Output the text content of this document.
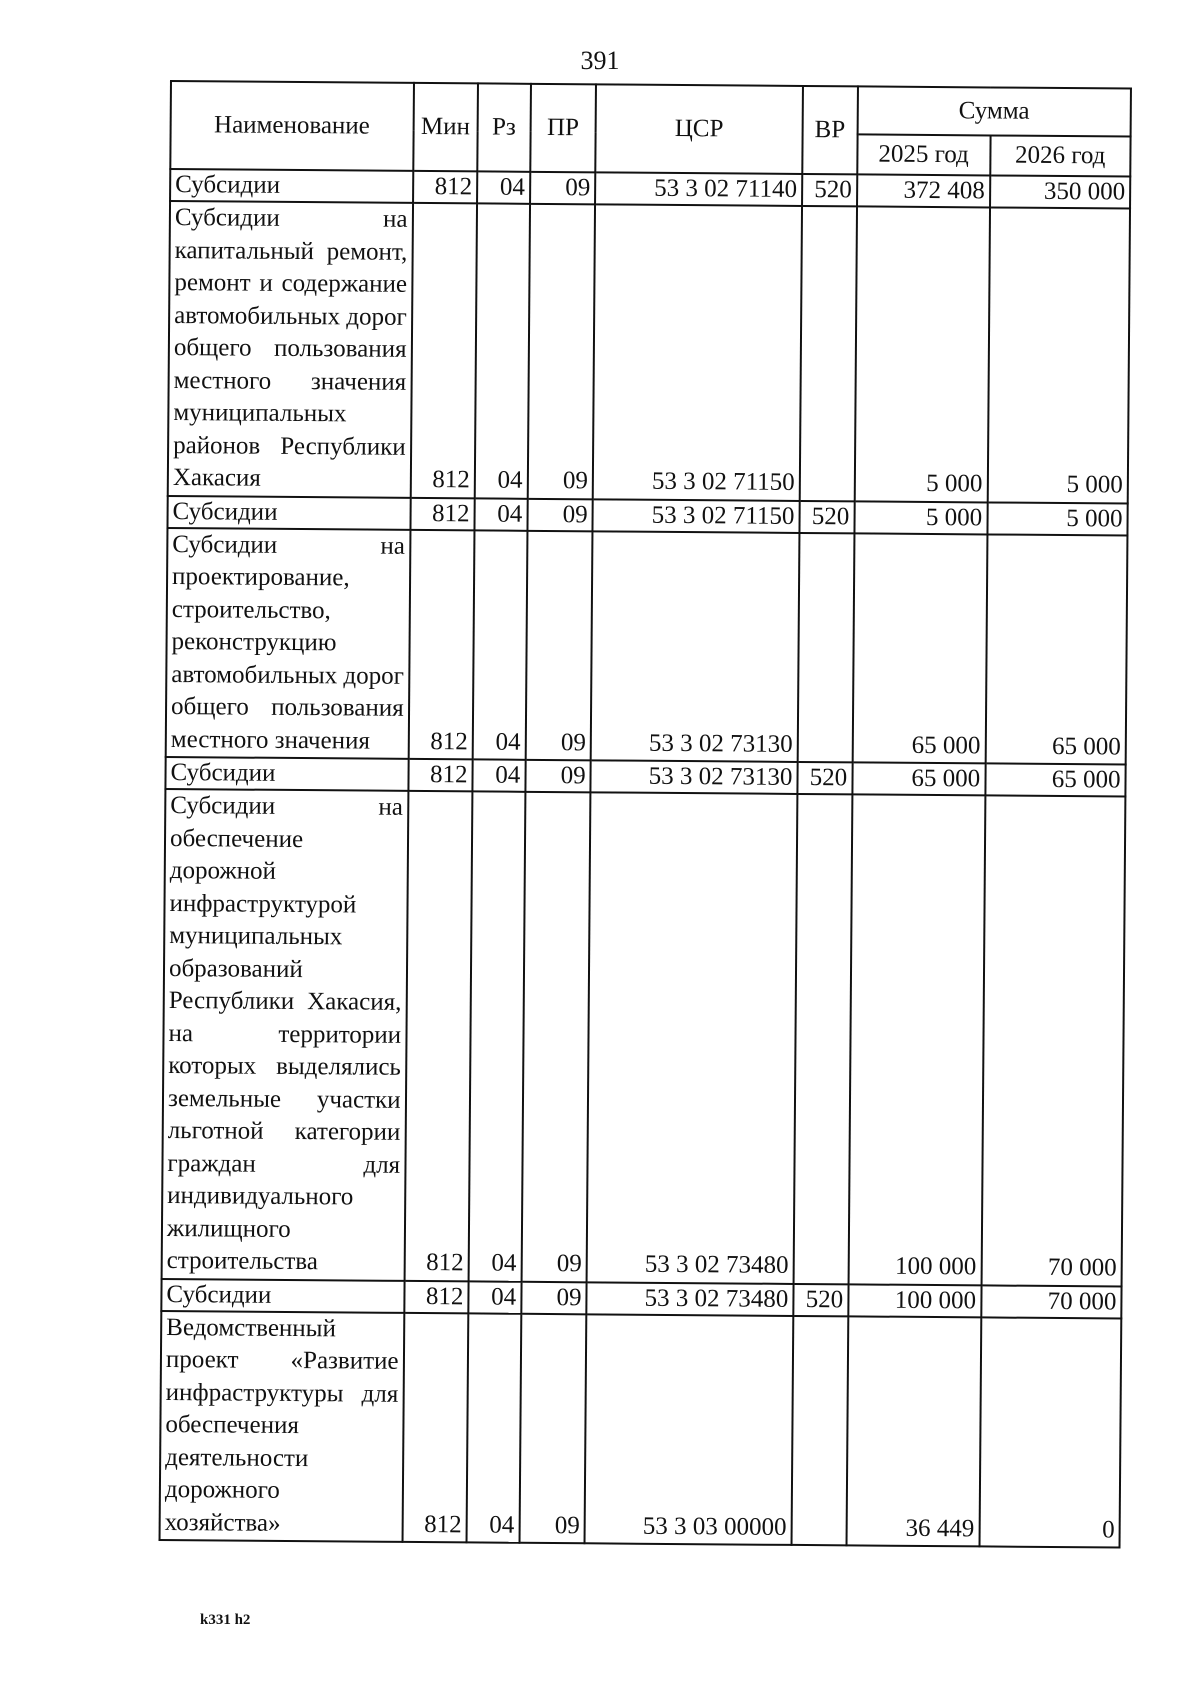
391
Наименование	Мин	Рз	ПР	ЦСР	ВР	Сумма	
						2025 год	2026 год
Субсидии	812	04	09	53 3 02 71140	520	372 408	350 000
Субсидии на капитальный ремонт, ремонт и содержание автомобильных дорог общего пользования местного значения муниципальных районов Республики Хакасия	812	04	09	53 3 02 71150		5 000	5 000
Субсидии	812	04	09	53 3 02 71150	520	5 000	5 000
Субсидии на проектирование, строительство, реконструкцию автомобильных дорог общего пользования местного значения	812	04	09	53 3 02 73130		65 000	65 000
Субсидии	812	04	09	53 3 02 73130	520	65 000	65 000
Субсидии на обеспечение дорожной инфраструктурой муниципальных образований Республики Хакасия, на территории которых выделялись земельные участки льготной категории граждан для индивидуального жилищного строительства	812	04	09	53 3 02 73480		100 000	70 000
Субсидии	812	04	09	53 3 02 73480	520	100 000	70 000
Ведомственный проект «Развитие инфраструктуры для обеспечения деятельности дорожного хозяйства»	812	04	09	53 3 03 00000		36 449	0
k331 h2
